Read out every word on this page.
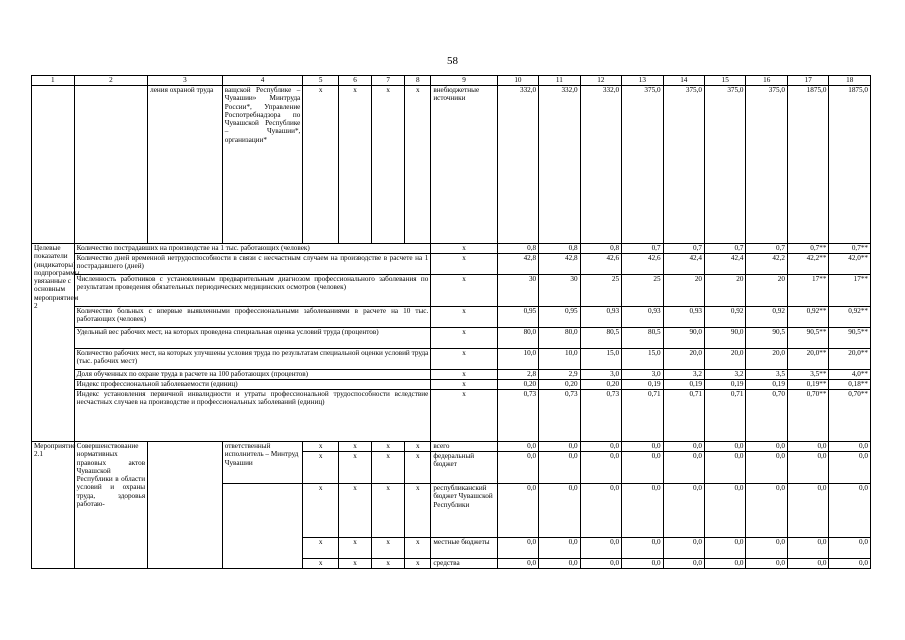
58
1	2	3	4	5	6	7	8	9	10	11	12	13	14	15	16	17	18
		ления охраной труда	ващской Республике – Чувашии» Минтруда России*, Управление Роспотребнадзора по Чувашской Республике – Чувашии*, организации*	x	x	x	x	внебюджетные источники	332,0	332,0	332,0	375,0	375,0	375,0	375,0	1875,0	1875,0
Целевые показатели (индикаторы) подпрограммы, увязанные с основным мероприятием 2	Количество пострадавших на производстве на 1 тыс. работающих (человек)							x	0,8	0,8	0,8	0,7	0,7	0,7	0,7	0,7**	0,7**
	Количество дней временной нетрудоспособности в связи с несчастным случаем на производстве в расчете на 1 пострадавшего (дней)							x	42,8	42,8	42,6	42,6	42,4	42,4	42,2	42,2**	42,0**
	Численность работников с установленным предварительным диагнозом профессионального заболевания по результатам проведения обязательных периодических медицинских осмотров (человек)							x	30	30	25	25	20	20	20	17**	17**
	Количество больных с впервые выявленными профессиональными заболеваниями в расчете на 10 тыс. работающих (человек)							x	0,95	0,95	0,93	0,93	0,93	0,92	0,92	0,92**	0,92**
	Удельный вес рабочих мест, на которых проведена специальная оценка условий труда (процентов)							x	80,0	80,0	80,5	80,5	90,0	90,0	90,5	90,5**	90,5**
	Количество рабочих мест, на которых улучшены условия труда по результатам специальной оценки условий труда (тыс. рабочих мест)							x	10,0	10,0	15,0	15,0	20,0	20,0	20,0	20,0**	20,0**
	Доля обученных по охране труда в расчете на 100 работающих (процентов)							x	2,8	2,9	3,0	3,0	3,2	3,2	3,5	3,5**	4,0**
	Индекс профессиональной заболеваемости (единиц)							x	0,20	0,20	0,20	0,19	0,19	0,19	0,19	0,19**	0,18**
	Индекс установления первичной инвалидности и утраты профессиональной трудоспособности вследствие несчастных случаев на производстве и профессиональных заболеваний (единиц)							x	0,73	0,73	0,73	0,71	0,71	0,71	0,70	0,70**	0,70**
Мероприятие 2.1	Совершенствование нормативных правовых актов Чувашской Республики в области условий и охраны труда, здоровья работаю-		ответственный исполнитель – Минтруд Чувашии	x	x	x	x	всего	0,0	0,0	0,0	0,0	0,0	0,0	0,0	0,0	0,0
				x	x	x	x	федеральный бюджет	0,0	0,0	0,0	0,0	0,0	0,0	0,0	0,0	0,0
				x	x	x	x	республиканский бюджет Чувашской Республики	0,0	0,0	0,0	0,0	0,0	0,0	0,0	0,0	0,0
				x	x	x	x	местные бюджеты	0,0	0,0	0,0	0,0	0,0	0,0	0,0	0,0	0,0
				x	x	x	x	средства	0,0	0,0	0,0	0,0	0,0	0,0	0,0	0,0	0,0
